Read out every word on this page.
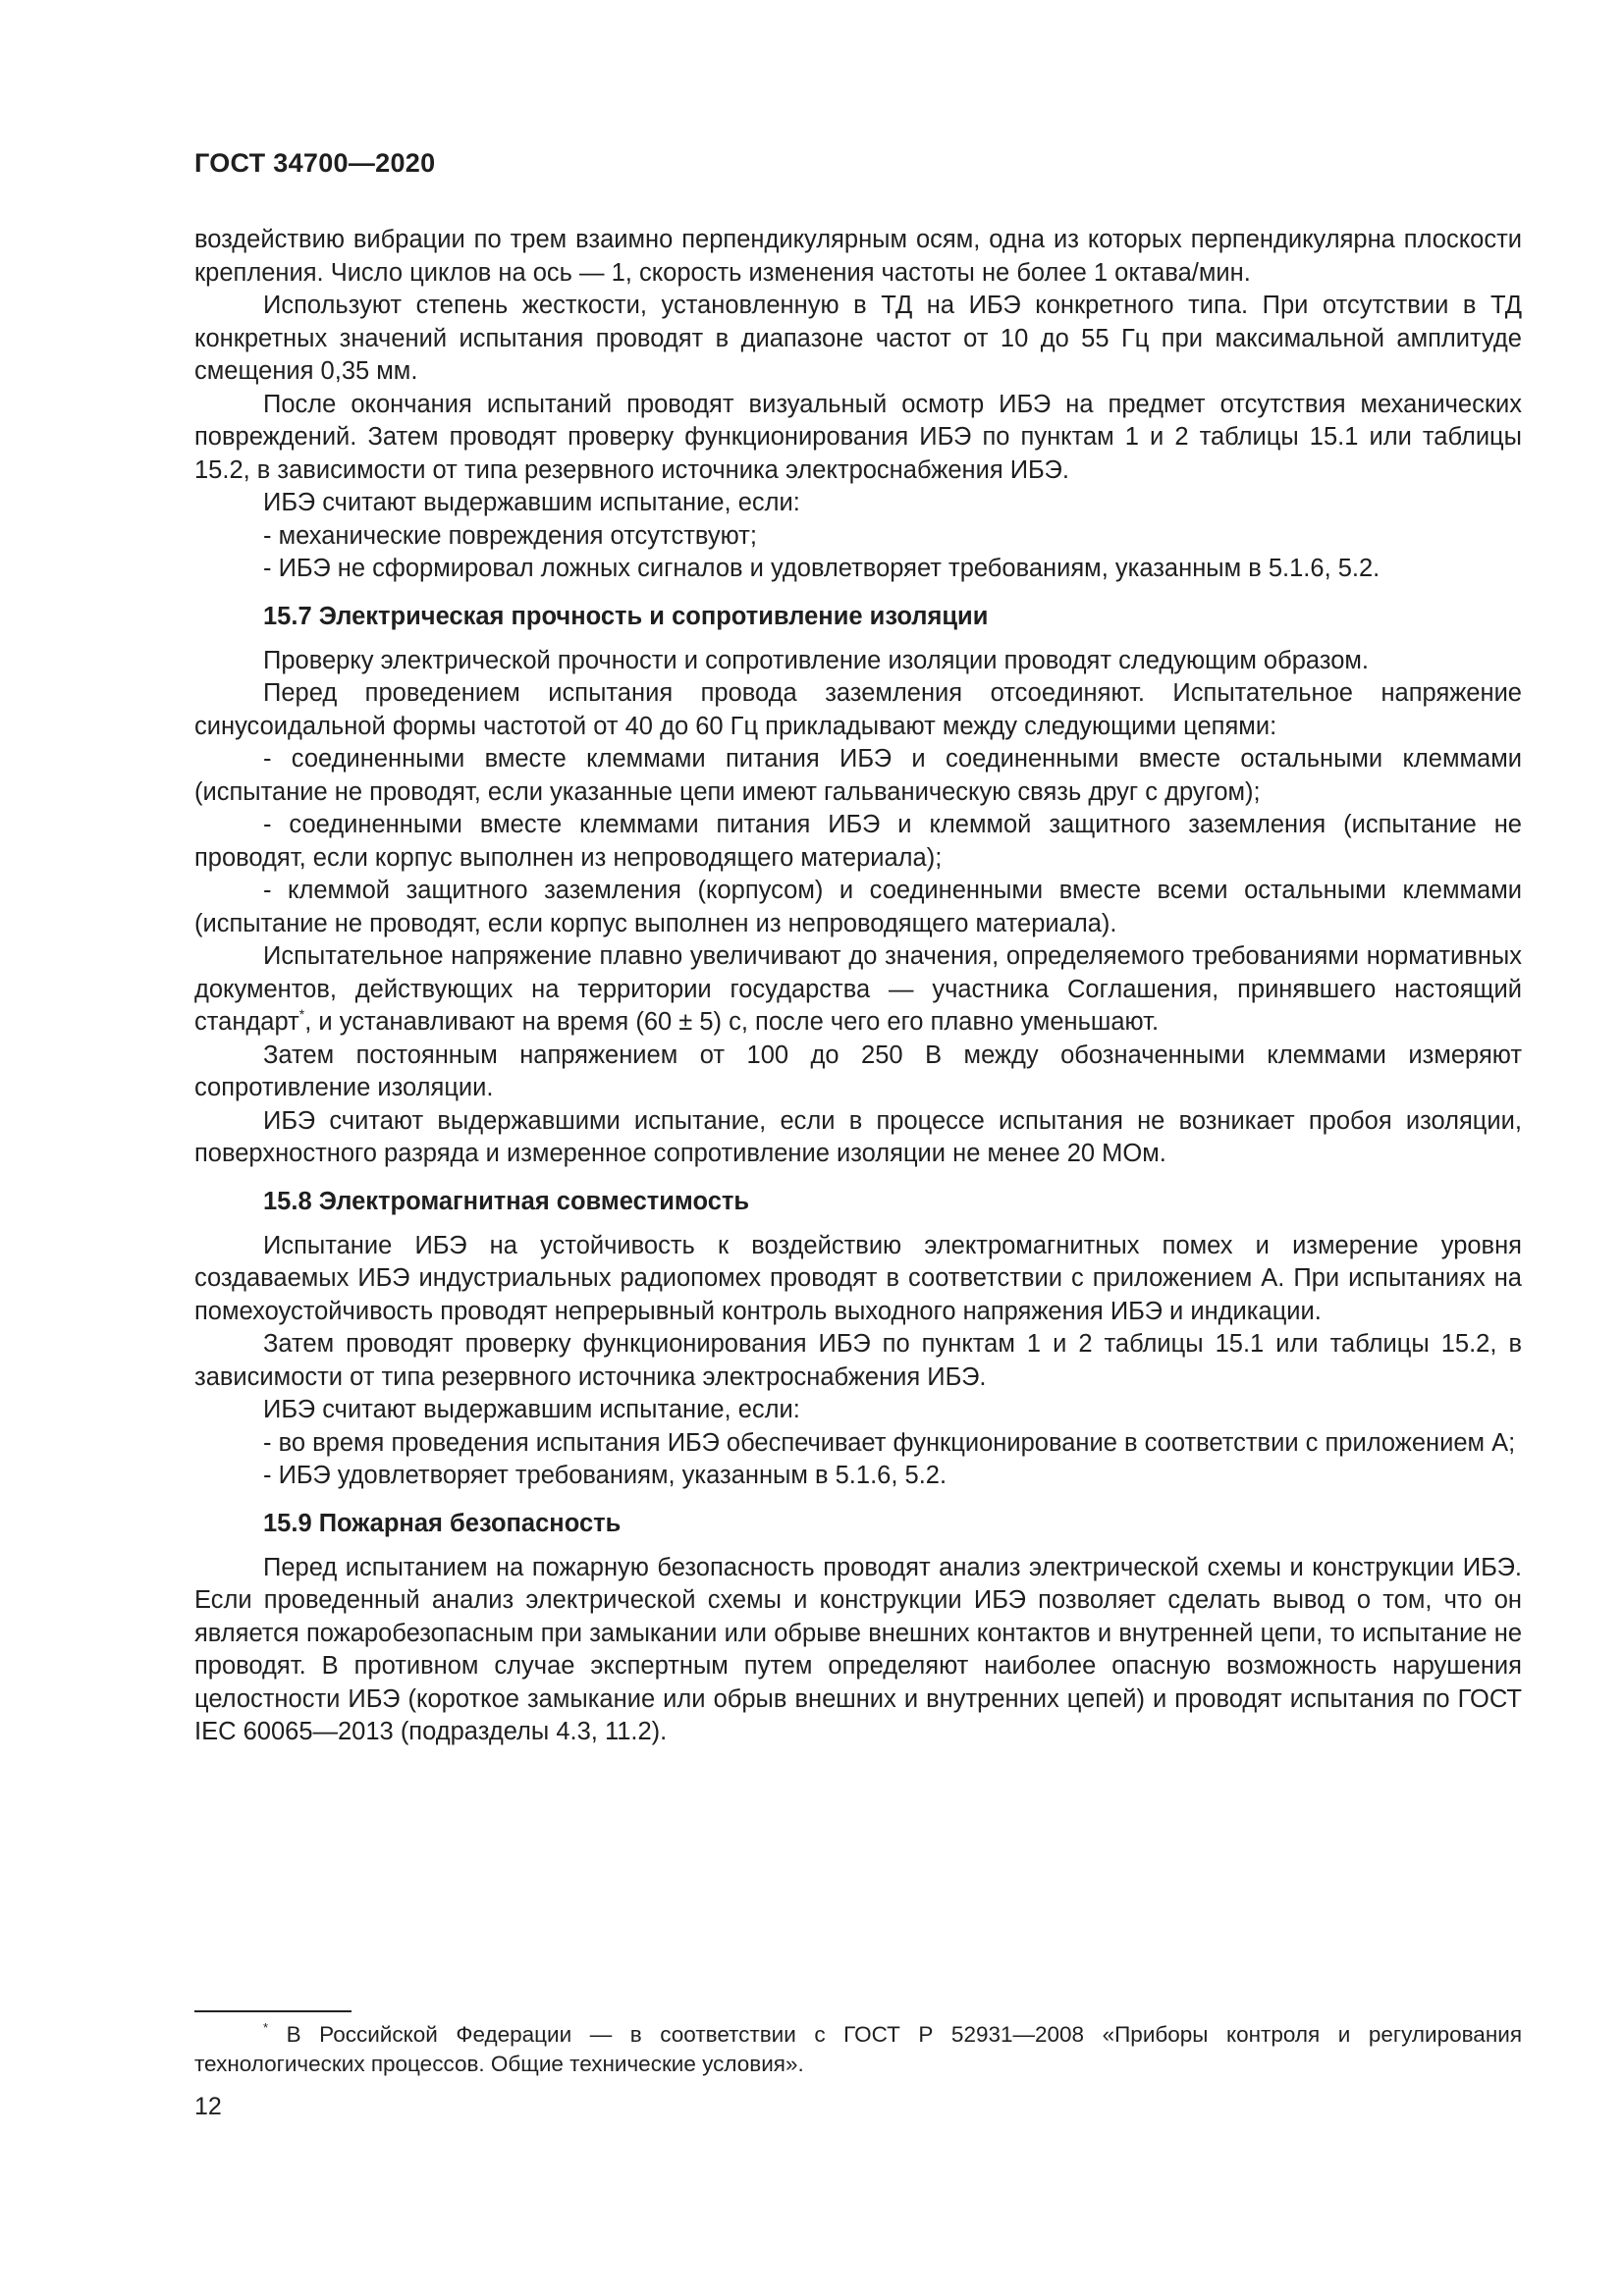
ГОСТ 34700—2020

воздействию вибрации по трем взаимно перпендикулярным осям, одна из которых перпендикулярна плоскости крепления. Число циклов на ось — 1, скорость изменения частоты не более 1 октава/мин.

Используют степень жесткости, установленную в ТД на ИБЭ конкретного типа. При отсутствии в ТД конкретных значений испытания проводят в диапазоне частот от 10 до 55 Гц при максимальной амплитуде смещения 0,35 мм.

После окончания испытаний проводят визуальный осмотр ИБЭ на предмет отсутствия механических повреждений. Затем проводят проверку функционирования ИБЭ по пунктам 1 и 2 таблицы 15.1 или таблицы 15.2, в зависимости от типа резервного источника электроснабжения ИБЭ.

ИБЭ считают выдержавшим испытание, если:

- механические повреждения отсутствуют;

- ИБЭ не сформировал ложных сигналов и удовлетворяет требованиям, указанным в 5.1.6, 5.2.

15.7 Электрическая прочность и сопротивление изоляции

Проверку электрической прочности и сопротивление изоляции проводят следующим образом.

Перед проведением испытания провода заземления отсоединяют. Испытательное напряжение синусоидальной формы частотой от 40 до 60 Гц прикладывают между следующими цепями:

- соединенными вместе клеммами питания ИБЭ и соединенными вместе остальными клеммами (испытание не проводят, если указанные цепи имеют гальваническую связь друг с другом);

- соединенными вместе клеммами питания ИБЭ и клеммой защитного заземления (испытание не проводят, если корпус выполнен из непроводящего материала);

- клеммой защитного заземления (корпусом) и соединенными вместе всеми остальными клеммами (испытание не проводят, если корпус выполнен из непроводящего материала).

Испытательное напряжение плавно увеличивают до значения, определяемого требованиями нормативных документов, действующих на территории государства — участника Соглашения, принявшего настоящий стандарт*, и устанавливают на время (60 ± 5) с, после чего его плавно уменьшают.

Затем постоянным напряжением от 100 до 250 В между обозначенными клеммами измеряют сопротивление изоляции.

ИБЭ считают выдержавшими испытание, если в процессе испытания не возникает пробоя изоляции, поверхностного разряда и измеренное сопротивление изоляции не менее 20 МОм.

15.8 Электромагнитная совместимость

Испытание ИБЭ на устойчивость к воздействию электромагнитных помех и измерение уровня создаваемых ИБЭ индустриальных радиопомех проводят в соответствии с приложением А. При испытаниях на помехоустойчивость проводят непрерывный контроль выходного напряжения ИБЭ и индикации.

Затем проводят проверку функционирования ИБЭ по пунктам 1 и 2 таблицы 15.1 или таблицы 15.2, в зависимости от типа резервного источника электроснабжения ИБЭ.

ИБЭ считают выдержавшим испытание, если:

- во время проведения испытания ИБЭ обеспечивает функционирование в соответствии с приложением А;

- ИБЭ удовлетворяет требованиям, указанным в 5.1.6, 5.2.

15.9 Пожарная безопасность

Перед испытанием на пожарную безопасность проводят анализ электрической схемы и конструкции ИБЭ. Если проведенный анализ электрической схемы и конструкции ИБЭ позволяет сделать вывод о том, что он является пожаробезопасным при замыкании или обрыве внешних контактов и внутренней цепи, то испытание не проводят. В противном случае экспертным путем определяют наиболее опасную возможность нарушения целостности ИБЭ (короткое замыкание или обрыв внешних и внутренних цепей) и проводят испытания по ГОСТ IEC 60065—2013 (подразделы 4.3, 11.2).

* В Российской Федерации — в соответствии с ГОСТ Р 52931—2008 «Приборы контроля и регулирования технологических процессов. Общие технические условия».
12
